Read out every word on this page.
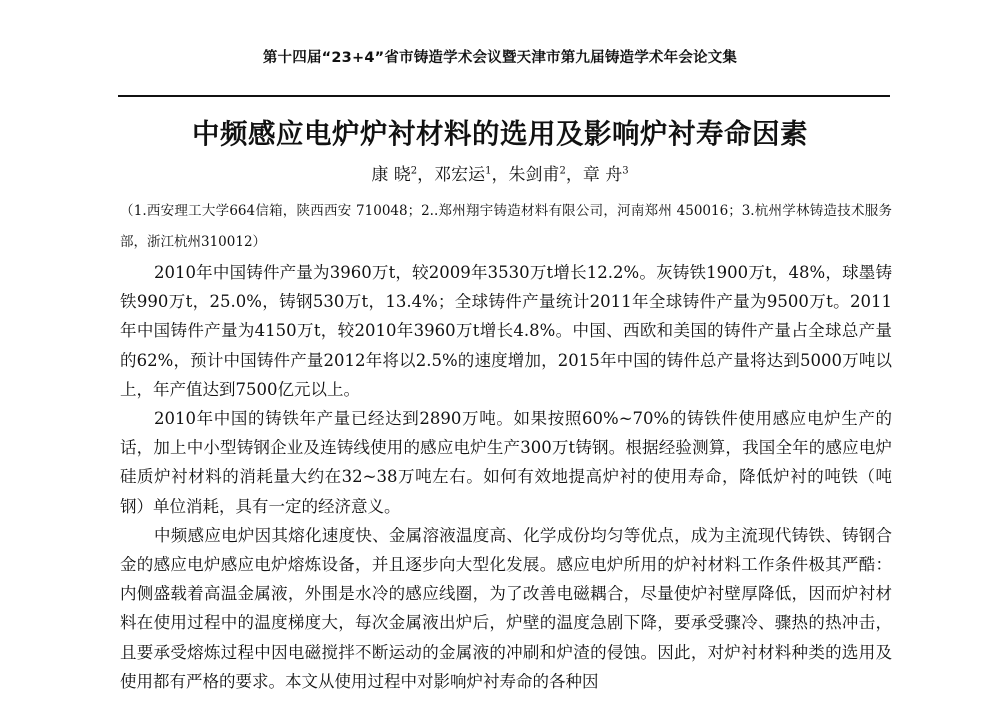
第十四届“23+4”省市铸造学术会议暨天津市第九届铸造学术年会论文集
中频感应电炉炉衬材料的选用及影响炉衬寿命因素
康 晓$^2$，邓宏运$^1$，朱剑甫$^2$，章 舟$^3$
（1.西安理工大学664信箱，陕西西安 710048；2..郑州翔宇铸造材料有限公司，河南郑州 450016；3.杭州学林铸造技术服务部，浙江杭州310012）

2010年中国铸件产量为3960万t，较2009年3530万t增长12.2%。灰铸铁1900万t，48%，球墨铸铁990万t，25.0%，铸钢530万t，13.4%；全球铸件产量统计2011年全球铸件产量为9500万t。2011年中国铸件产量为4150万t，较2010年3960万t增长4.8%。中国、西欧和美国的铸件产量占全球总产量的62%，预计中国铸件产量2012年将以2.5%的速度增加，2015年中国的铸件总产量将达到5000万吨以上，年产值达到7500亿元以上。

2010年中国的铸铁年产量已经达到2890万吨。如果按照60%~70%的铸铁件使用感应电炉生产的话，加上中小型铸钢企业及连铸线使用的感应电炉生产300万t铸钢。根据经验测算，我国全年的感应电炉硅质炉衬材料的消耗量大约在32~38万吨左右。如何有效地提高炉衬的使用寿命，降低炉衬的吨铁（吨钢）单位消耗，具有一定的经济意义。

中频感应电炉因其熔化速度快、金属溶液温度高、化学成份均匀等优点，成为主流现代铸铁、铸钢合金的感应电炉感应电炉熔炼设备，并且逐步向大型化发展。感应电炉所用的炉衬材料工作条件极其严酷：内侧盛载着高温金属液，外围是水冷的感应线圈，为了改善电磁耦合，尽量使炉衬壁厚降低，因而炉衬材料在使用过程中的温度梯度大，每次金属液出炉后，炉壁的温度急剧下降，要承受骤冷、骤热的热冲击，且要承受熔炼过程中因电磁搅拌不断运动的金属液的冲刷和炉渣的侵蚀。因此，对炉衬材料种类的选用及使用都有严格的要求。本文从使用过程中对影响炉衬寿命的各种因
